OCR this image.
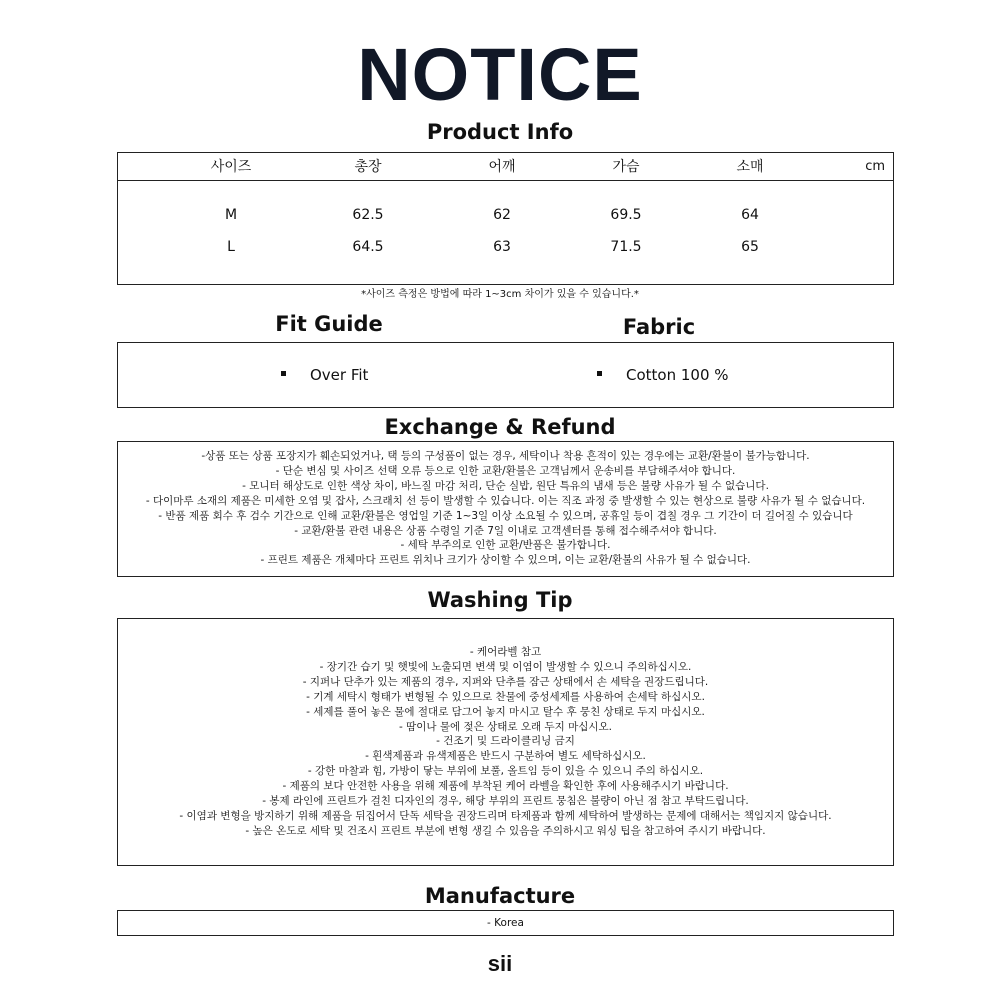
NOTICE
Product Info
사이즈	총장	어깨	가슴	소매	cm
M	62.5	62	69.5	64
L	64.5	63	71.5	65
*사이즈 측정은 방법에 따라 1~3cm 차이가 있을 수 있습니다.*
Fit Guide	Fabric
Over Fit	Cotton 100 %
Exchange & Refund
-상품 또는 상품 포장지가 훼손되었거나, 택 등의 구성품이 없는 경우, 세탁이나 착용 흔적이 있는 경우에는 교환/환불이 불가능합니다.
- 단순 변심 및 사이즈 선택 오류 등으로 인한 교환/환불은 고객님께서 운송비를 부담해주셔야 합니다.
- 모니터 해상도로 인한 색상 차이, 바느질 마감 처리, 단순 실밥, 원단 특유의 냄새 등은 불량 사유가 될 수 없습니다.
- 다이마루 소재의 제품은 미세한 오염 및 잡사, 스크래치 선 등이 발생할 수 있습니다. 이는 직조 과정 중 발생할 수 있는 현상으로 불량 사유가 될 수 없습니다.
- 반품 제품 회수 후 검수 기간으로 인해 교환/환불은 영업일 기준 1~3일 이상 소요될 수 있으며, 공휴일 등이 겹칠 경우 그 기간이 더 길어질 수 있습니다
- 교환/환불 관련 내용은 상품 수령일 기준 7일 이내로 고객센터를 통해 접수해주셔야 합니다.
- 세탁 부주의로 인한 교환/반품은 불가합니다.
- 프린트 제품은 개체마다 프린트 위치나 크기가 상이할 수 있으며, 이는 교환/환불의 사유가 될 수 없습니다.
Washing Tip
- 케어라벨 참고
- 장기간 습기 및 햇빛에 노출되면 변색 및 이염이 발생할 수 있으니 주의하십시오.
- 지퍼나 단추가 있는 제품의 경우, 지퍼와 단추를 잠근 상태에서 손 세탁을 권장드립니다.
- 기계 세탁시 형태가 변형될 수 있으므로 찬물에 중성세제를 사용하여 손세탁 하십시오.
- 세제를 풀어 놓은 물에 절대로 담그어 놓지 마시고 탈수 후 뭉친 상태로 두지 마십시오.
- 땀이나 물에 젖은 상태로 오래 두지 마십시오.
- 건조기 및 드라이클리닝 금지
- 흰색제품과 유색제품은 반드시 구분하여 별도 세탁하십시오.
- 강한 마찰과 힘, 가방이 닿는 부위에 보풀, 올트임 등이 있을 수 있으니 주의 하십시오.
- 제품의 보다 안전한 사용을 위해 제품에 부착된 케어 라벨을 확인한 후에 사용해주시기 바랍니다.
- 봉제 라인에 프린트가 걸친 디자인의 경우, 해당 부위의 프린트 뭉침은 불량이 아닌 점 참고 부탁드립니다.
- 이염과 변형을 방지하기 위해 제품을 뒤집어서 단독 세탁을 권장드리며 타제품과 함께 세탁하여 발생하는 문제에 대해서는 책임지지 않습니다.
- 높은 온도로 세탁 및 건조시 프린트 부분에 변형 생길 수 있음을 주의하시고 워싱 팁을 참고하여 주시기 바랍니다.
Manufacture
- Korea
sii
